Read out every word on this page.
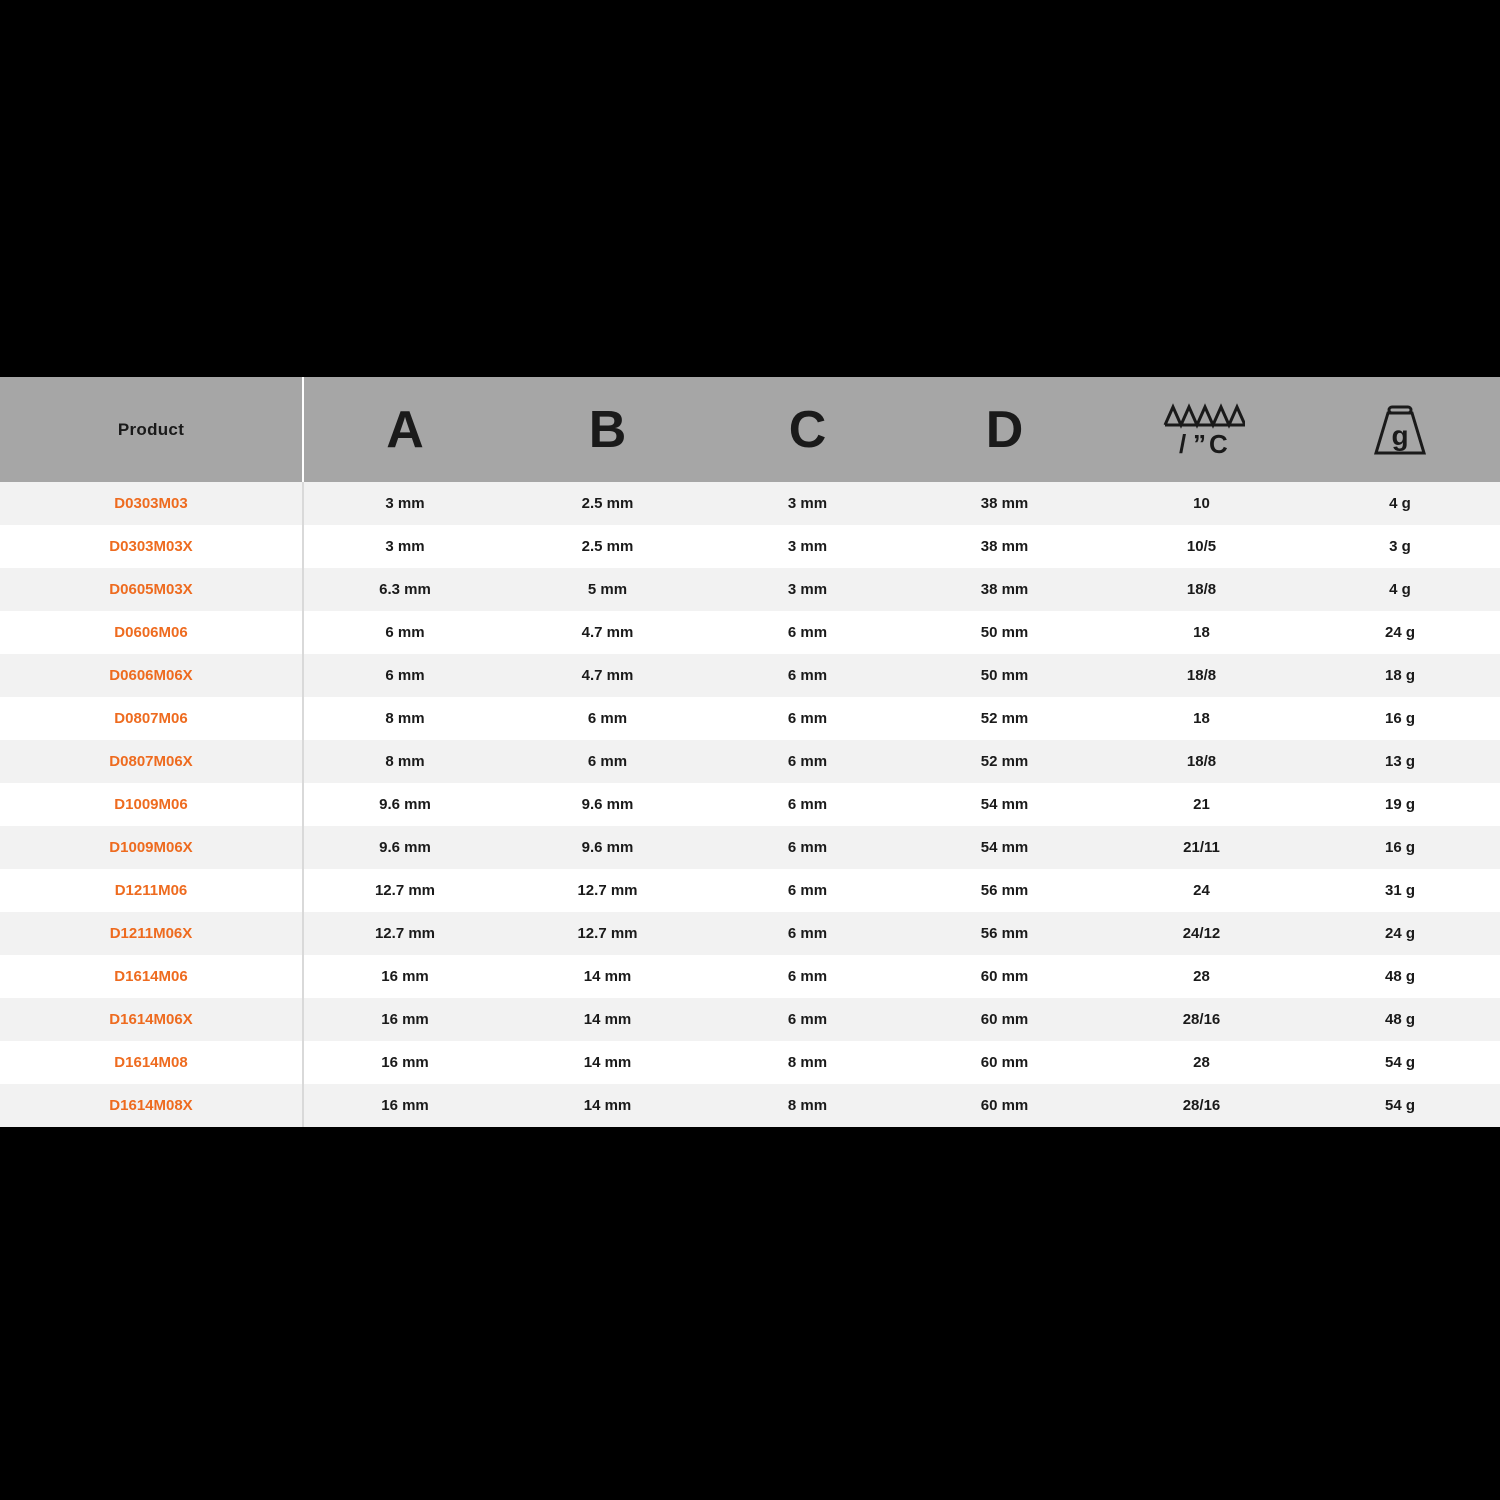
Product	A	B	C	D	/ ” C	g

D0303M03	3 mm	2.5 mm	3 mm	38 mm	10	4 g
D0303M03X	3 mm	2.5 mm	3 mm	38 mm	10/5	3 g
D0605M03X	6.3 mm	5 mm	3 mm	38 mm	18/8	4 g
D0606M06	6 mm	4.7 mm	6 mm	50 mm	18	24 g
D0606M06X	6 mm	4.7 mm	6 mm	50 mm	18/8	18 g
D0807M06	8 mm	6 mm	6 mm	52 mm	18	16 g
D0807M06X	8 mm	6 mm	6 mm	52 mm	18/8	13 g
D1009M06	9.6 mm	9.6 mm	6 mm	54 mm	21	19 g
D1009M06X	9.6 mm	9.6 mm	6 mm	54 mm	21/11	16 g
D1211M06	12.7 mm	12.7 mm	6 mm	56 mm	24	31 g
D1211M06X	12.7 mm	12.7 mm	6 mm	56 mm	24/12	24 g
D1614M06	16 mm	14 mm	6 mm	60 mm	28	48 g
D1614M06X	16 mm	14 mm	6 mm	60 mm	28/16	48 g
D1614M08	16 mm	14 mm	8 mm	60 mm	28	54 g
D1614M08X	16 mm	14 mm	8 mm	60 mm	28/16	54 g
